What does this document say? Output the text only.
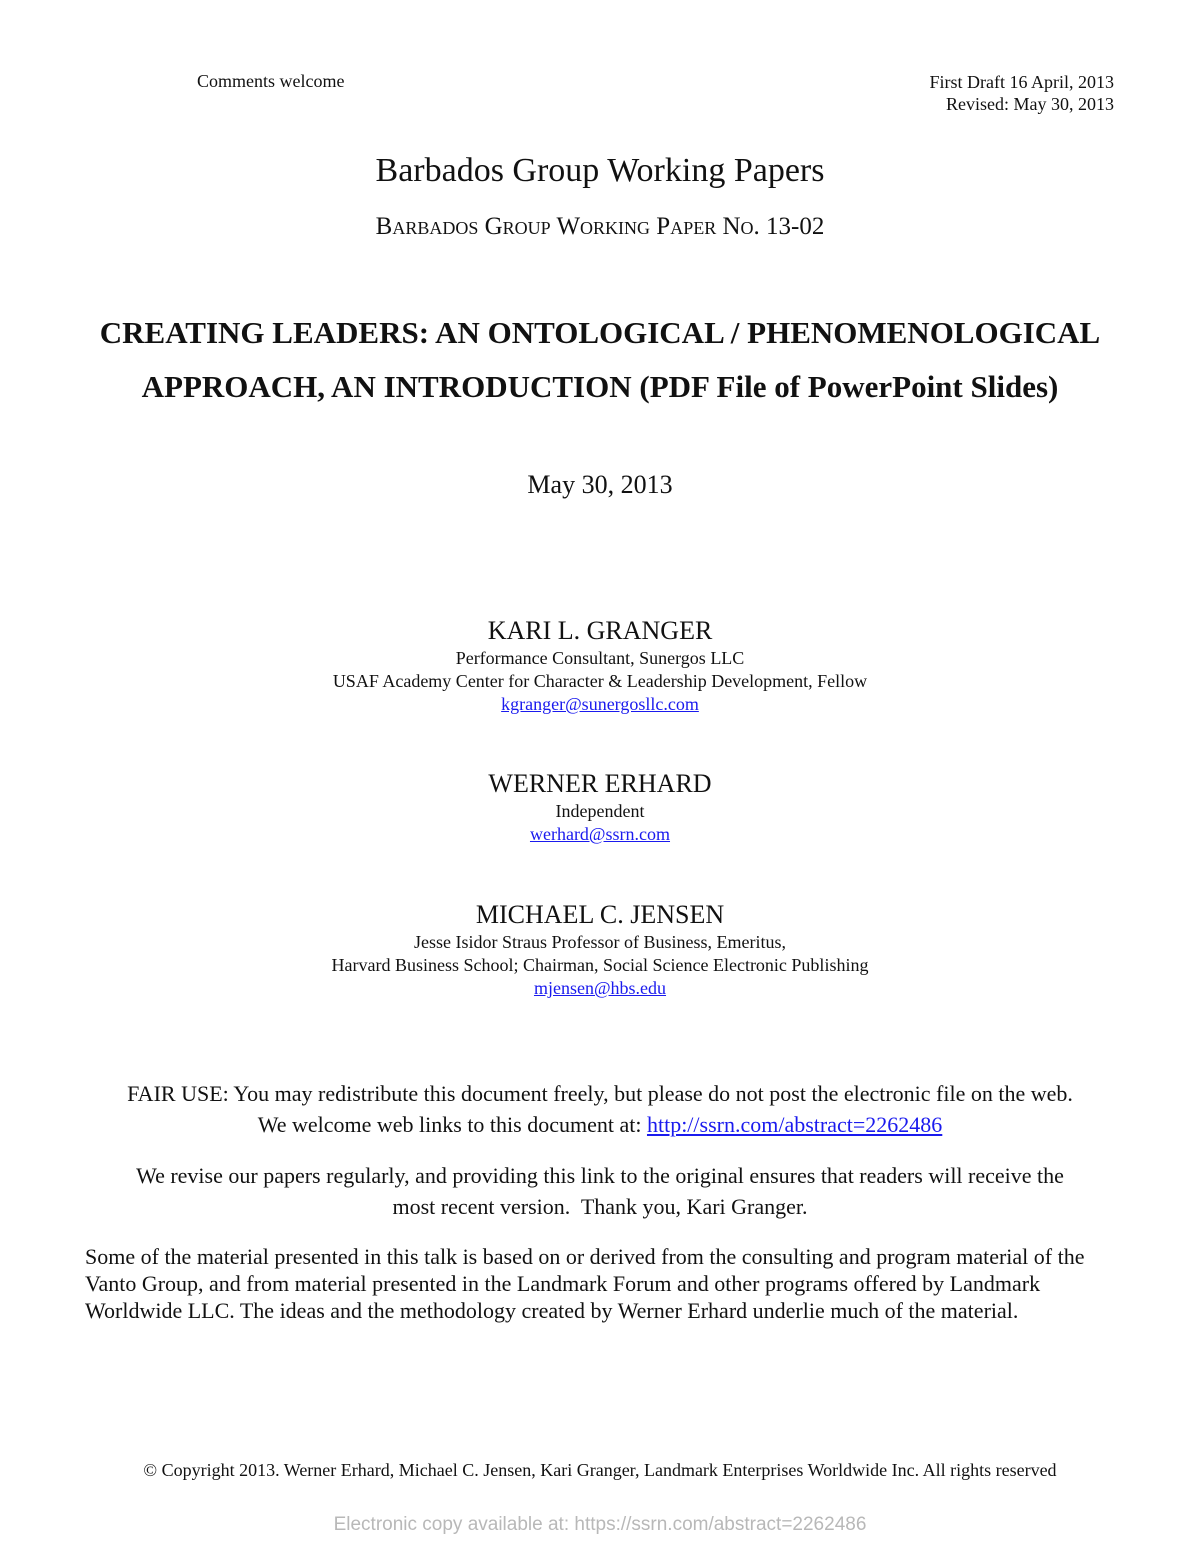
Comments welcome	First Draft 16 April, 2013
Revised: May 30, 2013
Barbados Group Working Papers
Barbados Group Working Paper No. 13-02
CREATING LEADERS: AN ONTOLOGICAL / PHENOMENOLOGICAL
APPROACH, AN INTRODUCTION (PDF File of PowerPoint Slides)
May 30, 2013
KARI L. GRANGER
Performance Consultant, Sunergos LLC
USAF Academy Center for Character & Leadership Development, Fellow
kgranger@sunergosllc.com
WERNER ERHARD
Independent
werhard@ssrn.com
MICHAEL C. JENSEN
Jesse Isidor Straus Professor of Business, Emeritus,
Harvard Business School; Chairman, Social Science Electronic Publishing
mjensen@hbs.edu
FAIR USE: You may redistribute this document freely, but please do not post the electronic file on the web.
We welcome web links to this document at: http://ssrn.com/abstract=2262486
We revise our papers regularly, and providing this link to the original ensures that readers will receive the
most recent version.  Thank you, Kari Granger.
Some of the material presented in this talk is based on or derived from the consulting and program material of the Vanto Group, and from material presented in the Landmark Forum and other programs offered by Landmark Worldwide LLC. The ideas and the methodology created by Werner Erhard underlie much of the material.
© Copyright 2013. Werner Erhard, Michael C. Jensen, Kari Granger, Landmark Enterprises Worldwide Inc. All rights reserved
Electronic copy available at: https://ssrn.com/abstract=2262486
